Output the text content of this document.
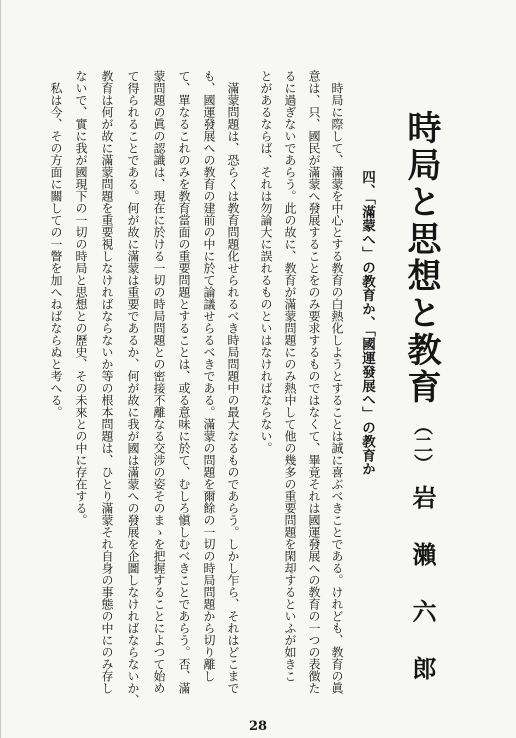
時局と思想と教育
（二）
岩瀨六郎
四、「滿蒙へ」の教育か、「國運發展へ」の教育か
時局に際して、滿蒙を中心とする教育の白熱化しようとすることは誠に喜ぶべきことである。けれども、教育の眞
意は、只、國民が滿蒙へ發展することをのみ要求するものではなくて、畢竟それは國運發展への教育の一つの表徴た
るに過ぎないであらう。此の故に、教育が滿蒙問題にのみ熱中して他の幾多の重要問題を閑却するといふが如きこ
とがあるならば、それは勿論大に誤れるものといはなければならない。
滿蒙問題は、恐らくは教育問題化せられるべき時局問題中の最大なるものであらう。しかし乍ら、それはどこまで
も、國運發展への教育の建前の中に於て論議せらるべきである。滿蒙の問題を爾餘の一切の時局問題から切り離し
て、單なるこれのみを教育當面の重要問題とすることは、或る意味に於て、むしろ愼しむべきことであらう。否、滿
蒙問題の眞の認識は、現在に於ける一切の時局問題との密接不離なる交涉の姿そのまゝを把握することによつて始め
て得られることである。何が故に滿蒙は重要であるか、何が故に我が國は滿蒙への發展を企圖しなければならないか、
教育は何が故に滿蒙問題を重要視しなければならないか等の根本問題は、ひとり滿蒙それ自身の事態の中にのみ存し
ないで、實に我が國現下の一切の時局と思想との歷史、その未來との中に存在する。
私は今、その方面に關しての一瞥を加へねばならぬと考へる。
28
